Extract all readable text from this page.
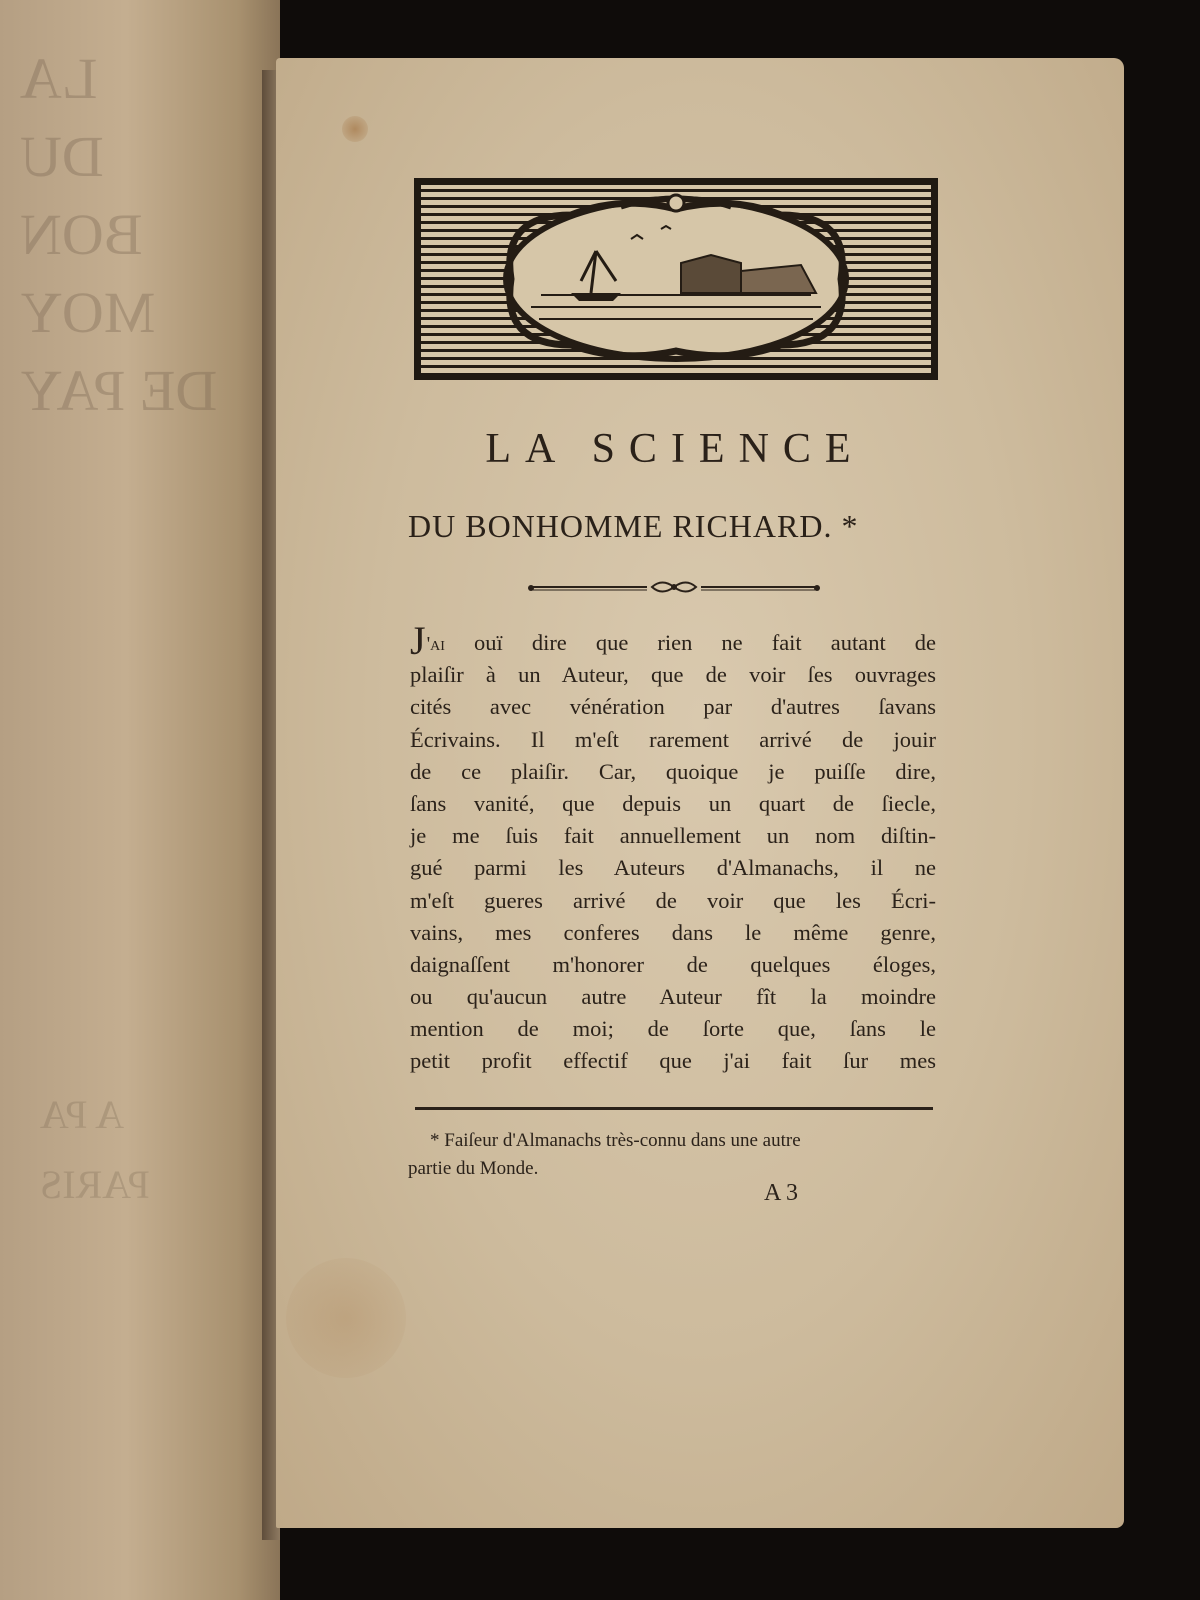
LA
DU BON
MOY
DE PAY
A PA
PARIS
LA SCIENCE
DU BONHOMME RICHARD. *
J'ai ouï dire que rien ne fait autant de
plaiſir à un Auteur, que de voir ſes ouvrages
cités avec vénération par d'autres ſavans
Écrivains. Il m'eſt rarement arrivé de jouir
de ce plaiſir. Car, quoique je puiſſe dire,
ſans vanité, que depuis un quart de ſiecle,
je me ſuis fait annuellement un nom diſtin-
gué parmi les Auteurs d'Almanachs, il ne
m'eſt gueres arrivé de voir que les Écri-
vains, mes conferes dans le même genre,
daignaſſent m'honorer de quelques éloges,
ou qu'aucun autre Auteur fît la moindre
mention de moi; de ſorte que, ſans le
petit profit effectif que j'ai fait ſur mes
* Faiſeur d'Almanachs très-connu dans une autre
partie du Monde.
A 3
